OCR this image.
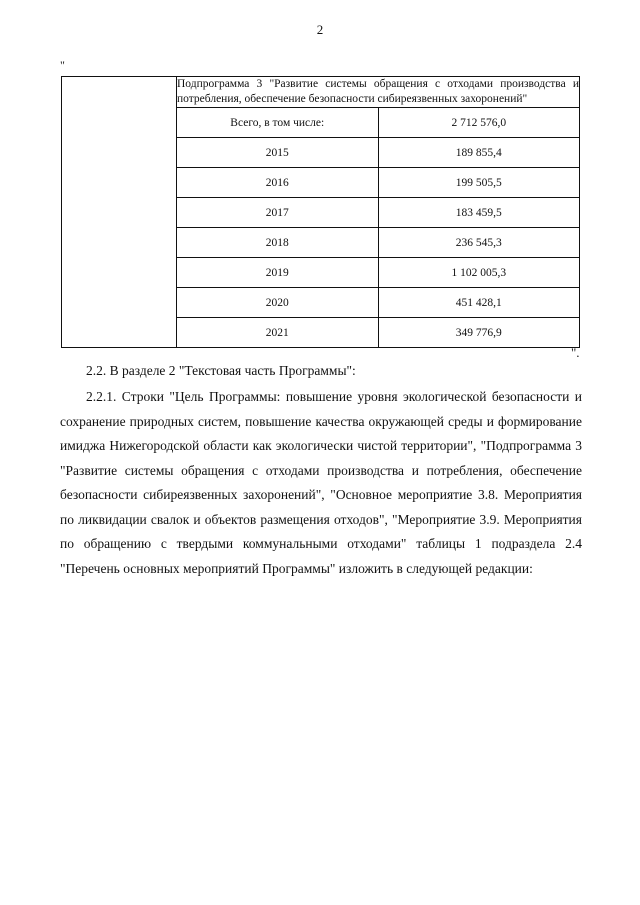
2
"
	Подпрограмма 3 "Развитие системы обращения с отходами производства и потребления, обеспечение безопасности сибиреязвенных захоронений"	
	Всего, в том числе:	2 712 576,0
	2015	189 855,4
	2016	199 505,5
	2017	183 459,5
	2018	236 545,3
	2019	1 102 005,3
	2020	451 428,1
	2021	349 776,9
".
2.2. В разделе 2 "Текстовая часть Программы":
2.2.1. Строки "Цель Программы: повышение уровня экологической безопасности и сохранение природных систем, повышение качества окружающей среды и формирование имиджа Нижегородской области как экологически чистой территории", "Подпрограмма 3 "Развитие системы обращения с отходами производства и потребления, обеспечение безопасности сибиреязвенных захоронений", "Основное мероприятие 3.8. Мероприятия по ликвидации свалок и объектов размещения отходов", "Мероприятие 3.9. Мероприятия по обращению с твердыми коммунальными отходами" таблицы 1 подраздела 2.4 "Перечень основных мероприятий Программы" изложить в следующей редакции:
